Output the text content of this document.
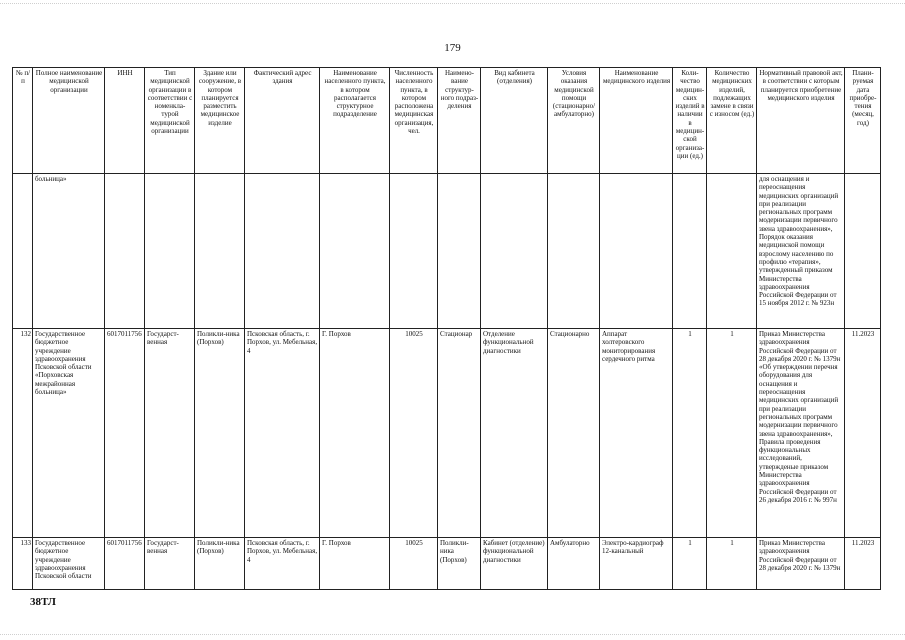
179
№ п/п	Полное наименование медицинской организации	ИНН	Тип медицинской организации в соответствии с номенкла-турой медицинской организации	Здание или сооружение, в котором планируется разместить медицинское изделие	Фактический адрес здания	Наименование населенного пункта, в котором располагается структурное подразделение	Численность населенного пункта, в котором расположена медицинская организация, чел.	Наимено-вание структур-ного подраз-деления	Вид кабинета (отделения)	Условия оказания медицинской помощи (стационарно/ амбулаторно)	Наименование медицинского изделия	Коли-чество медицин-ских изделий в наличии в медицин-ской организа-ции (ед.)	Количество медицинских изделий, подлежащих замене в связи с износом (ед.)	Нормативный правовой акт, в соответствии с которым планируется приобретение медицинского изделия	Плани-руемая дата приобре-тения (месяц, год)
	больница»													для оснащения и переоснащения медицинских организаций при реализации региональных программ модернизации первичного звена здравоохранения», Порядок оказания медицинской помощи взрослому населению по профилю «терапия», утвержденный приказом Министерства здравоохранения Российской Федерации от 15 ноября 2012 г. № 923н	
132	Государственное бюджетное учреждение здравоохранения Псковской области «Порховская межрайонная больница»	6017011756	Государст-венная	Поликли-ника (Порхов)	Псковская область, г. Порхов, ул. Мебельная, 4	Г. Порхов	10025	Стационар	Отделение функциональной диагностики	Стационарно	Аппарат холтеровского мониторирования сердечного ритма	1	1	Приказ Министерства здравоохранения Российской Федерации от 28 декабря 2020 г. № 1379н «Об утверждении перечня оборудования для оснащения и переоснащения медицинских организаций при реализации региональных программ модернизации первичного звена здравоохранения», Правила проведения функциональных исследований, утвержденые приказом Министерства здравоохранения Российской Федерации от 26 декабря 2016 г. № 997н	11.2023
133	Государственное бюджетное учреждение здравоохранения Псковской области	6017011756	Государст-венная	Поликли-ника (Порхов)	Псковская область, г. Порхов, ул. Мебельная, 4	Г. Порхов	10025	Поликли-ника (Порхов)	Кабинет (отделение) функциональной диагностики	Амбулаторно	Электро-кардиограф 12-канальный	1	1	Приказ Министерства здравоохранения Российской Федерации от 28 декабря 2020 г. № 1379н	11.2023
38ТЛ
